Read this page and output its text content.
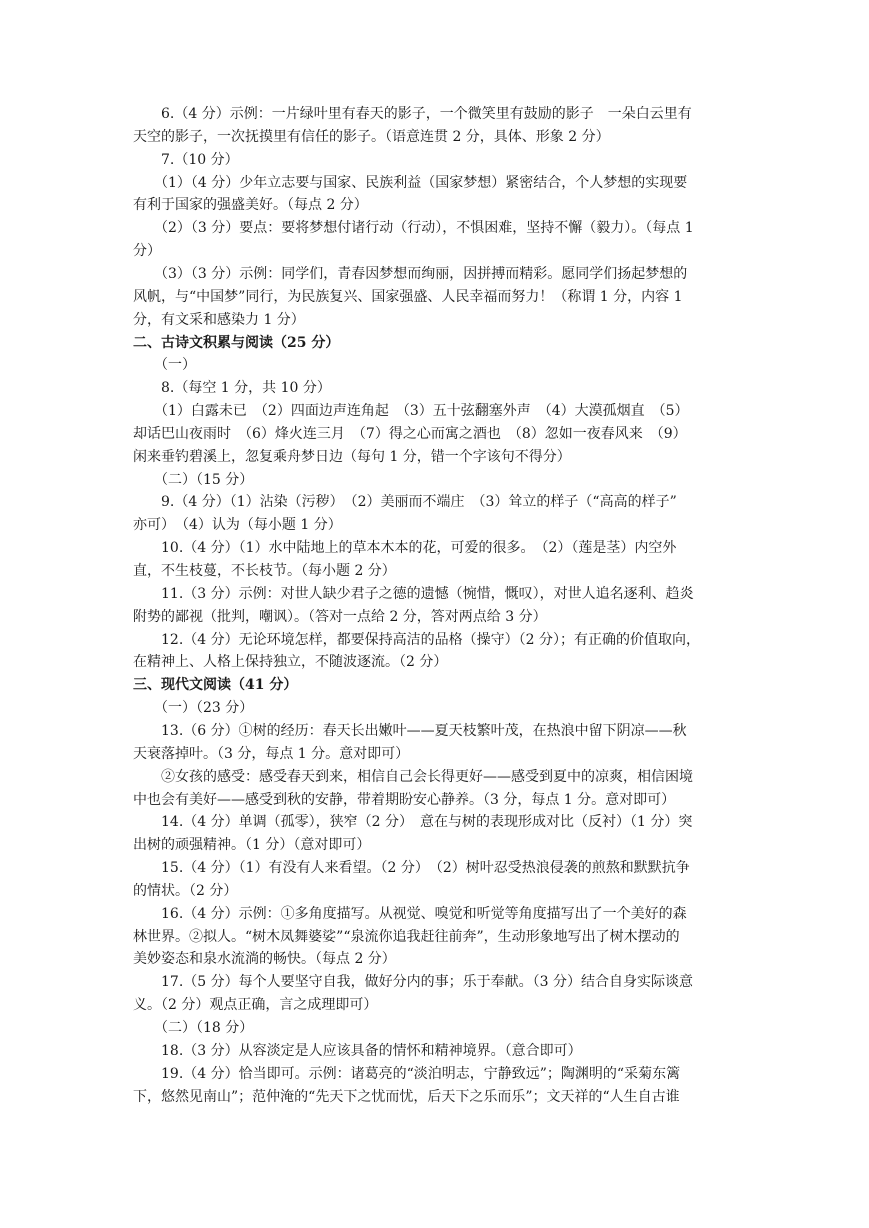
　　6.（4 分）示例：一片绿叶里有春天的影子，一个微笑里有鼓励的影子　一朵白云里有
天空的影子，一次抚摸里有信任的影子。（语意连贯 2 分，具体、形象 2 分）
　　7.（10 分）
　　（1）（4 分）少年立志要与国家、民族利益（国家梦想）紧密结合，个人梦想的实现要
有利于国家的强盛美好。（每点 2 分）
　　（2）（3 分）要点：要将梦想付诸行动（行动），不惧困难，坚持不懈（毅力）。（每点 1
分）
　　（3）（3 分）示例：同学们，青春因梦想而绚丽，因拼搏而精彩。愿同学们扬起梦想的
风帆，与“中国梦”同行，为民族复兴、国家强盛、人民幸福而努力！（称谓 1 分，内容 1
分，有文采和感染力 1 分）
二、古诗文积累与阅读（25 分）
　　（一）
　　8.（每空 1 分，共 10 分）
　　（1）白露未已　（2）四面边声连角起　（3）五十弦翻塞外声　（4）大漠孤烟直　（5）
却话巴山夜雨时　（6）烽火连三月　（7）得之心而寓之酒也　（8）忽如一夜春风来　（9）
闲来垂钓碧溪上，忽复乘舟梦日边（每句 1 分，错一个字该句不得分）
　　（二）（15 分）
　　9.（4 分）（1）沾染（污秽）　（2）美丽而不端庄　（3）耸立的样子（“高高的样子”
亦可）　（4）认为（每小题 1 分）
　　10.（4 分）（1）水中陆地上的草本木本的花，可爱的很多。　（2）（莲是茎）内空外
直，不生枝蔓，不长枝节。（每小题 2 分）
　　11.（3 分）示例：对世人缺少君子之德的遗憾（惋惜，慨叹），对世人追名逐利、趋炎
附势的鄙视（批判，嘲讽）。（答对一点给 2 分，答对两点给 3 分）
　　12.（4 分）无论环境怎样，都要保持高洁的品格（操守）（2 分）；有正确的价值取向，
在精神上、人格上保持独立，不随波逐流。（2 分）
三、现代文阅读（41 分）
　　（一）（23 分）
　　13.（6 分）①树的经历：春天长出嫩叶——夏天枝繁叶茂，在热浪中留下阴凉——秋
天衰落掉叶。（3 分，每点 1 分。意对即可）
　　②女孩的感受：感受春天到来，相信自己会长得更好——感受到夏中的凉爽，相信困境
中也会有美好——感受到秋的安静，带着期盼安心静养。（3 分，每点 1 分。意对即可）
　　14.（4 分）单调（孤零），狭窄（2 分）　意在与树的表现形成对比（反衬）（1 分）突
出树的顽强精神。（1 分）（意对即可）
　　15.（4 分）（1）有没有人来看望。（2 分）　（2）树叶忍受热浪侵袭的煎熬和默默抗争
的情状。（2 分）
　　16.（4 分）示例：①多角度描写。从视觉、嗅觉和听觉等角度描写出了一个美好的森
林世界。②拟人。“树木凤舞婆娑”“泉流你追我赶往前奔”，生动形象地写出了树木摆动的
美妙姿态和泉水流淌的畅快。（每点 2 分）
　　17.（5 分）每个人要坚守自我，做好分内的事；乐于奉献。（3 分）结合自身实际谈意
义。（2 分）观点正确，言之成理即可）
　　（二）（18 分）
　　18.（3 分）从容淡定是人应该具备的情怀和精神境界。（意合即可）
　　19.（4 分）恰当即可。示例：诸葛亮的“淡泊明志，宁静致远”；陶渊明的“采菊东篱
下，悠然见南山”；范仲淹的“先天下之忧而忧，后天下之乐而乐”；文天祥的“人生自古谁
